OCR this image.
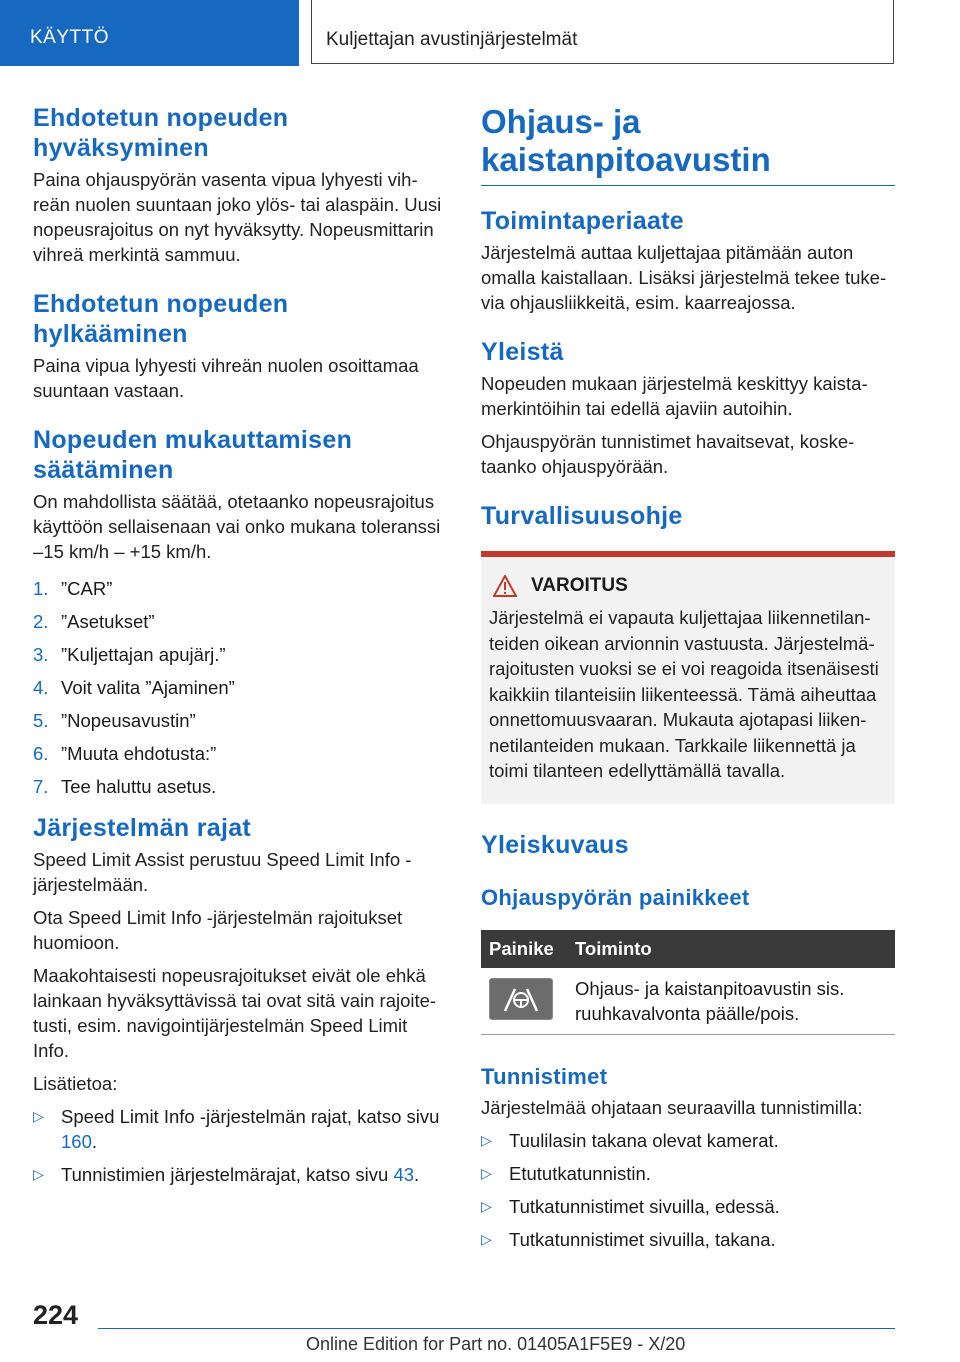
KÄYTTÖ	Kuljettajan avustinjärjestelmät
Ehdotetun nopeuden hyväksyminen

Paina ohjauspyörän vasenta vipua lyhyesti vihreän nuolen suuntaan joko ylös- tai alaspäin. Uusi nopeusrajoitus on nyt hyväksytty. Nopeusmittarin vihreä merkintä sammuu.

Ehdotetun nopeuden hylkääminen

Paina vipua lyhyesti vihreän nuolen osoittamaa suuntaan vastaan.

Nopeuden mukauttamisen säätäminen

On mahdollista säätää, otetaanko nopeusrajoitus käyttöön sellaisenaan vai onko mukana toleranssi –15 km/h – +15 km/h.

1. ”CAR”
2. ”Asetukset”
3. ”Kuljettajan apujärj.”
4. Voit valita ”Ajaminen”
5. ”Nopeusavustin”
6. ”Muuta ehdotusta:”
7. Tee haluttu asetus.
Järjestelmän rajat

Speed Limit Assist perustuu Speed Limit Info -järjestelmään.

Ota Speed Limit Info -järjestelmän rajoitukset huomioon.

Maakohtaisesti nopeusrajoitukset eivät ole ehkä lainkaan hyväksyttävissä tai ovat sitä vain rajoitetusti, esim. navigointijärjestelmän Speed Limit Info.

Lisätietoa:

▷ Speed Limit Info -järjestelmän rajat, katso sivu 160.
▷ Tunnistimien järjestelmärajat, katso sivu 43.
Ohjaus- ja kaistanpitoavustin
Toimintaperiaate

Järjestelmä auttaa kuljettajaa pitämään auton omalla kaistallaan. Lisäksi järjestelmä tekee tukevia ohjausliikkeitä, esim. kaarreajossa.

Yleistä

Nopeuden mukaan järjestelmä keskittyy kaistamerkintöihin tai edellä ajaviin autoihin.

Ohjauspyörän tunnistimet havaitsevat, kosketaanko ohjauspyörään.

Turvallisuusohje
VAROITUS

Järjestelmä ei vapauta kuljettajaa liikennetilanteiden oikean arvionnin vastuusta. Järjestelmärajoitusten vuoksi se ei voi reagoida itsenäisesti kaikkiin tilanteisiin liikenteessä. Tämä aiheuttaa onnettomuusvaaran. Mukauta ajotapasi liikennetilanteiden mukaan. Tarkkaile liikennettä ja toimi tilanteen edellyttämällä tavalla.

Yleiskuvaus
Ohjauspyörän painikkeet
Painike	Toiminto

	Ohjaus- ja kaistanpitoavustin sis. ruuhkavalvonta päälle/pois.
Tunnistimet

Järjestelmää ohjataan seuraavilla tunnistimilla:

▷ Tuulilasin takana olevat kamerat.
▷ Etututkatunnistin.
▷ Tutkatunnistimet sivuilla, edessä.
▷ Tutkatunnistimet sivuilla, takana.
224
Online Edition for Part no. 01405A1F5E9 - X/20
